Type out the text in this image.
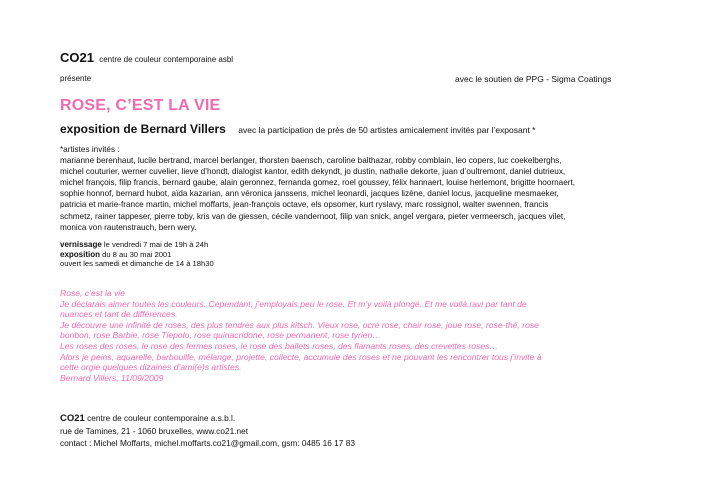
CO21 centre de couleur contemporaine asbl
présente	avec le soutien de PPG - Sigma Coatings
ROSE, C’EST LA VIE
exposition de Bernard Villers avec la participation de près de 50 artistes amicalement invités par l’exposant *
*artistes invités :
marianne berenhaut, lucile bertrand, marcel berlanger, thorsten baensch, caroline balthazar, robby comblain, leo copers, luc coekelberghs,
michel couturier, werner cuvelier, lieve d’hondt, dialogist kantor, edith dekyndt, jo dustin, nathalie dekorte, juan d’oultremont, daniel dutrieux,
michel françois, filip francis, bernard gaube, alain geronnez, fernanda gomez, roel goussey, félix hannaert, louise herlemont, brigitte hoornaert,
sophie honnof, bernard hubot, aïda kazarian, ann véronica janssens, michel leonardi, jacques lizène, daniel locus, jacqueline mesmaeker,
patricia et marie-france martin, michel moffarts, jean-françois octave, els opsomer, kurt ryslavy, marc rossignol, walter swennen, francis
schmetz, rainer tappeser, pierre toby, kris van de giessen, cécile vandernoot, filip van snick, angel vergara, pieter vermeersch, jacques vilet,
monica von rautenstrauch, bern wery.
vernissage le vendredi 7 mai de 19h à 24h
exposition du 8 au 30 mai 2001
ouvert les samedi et dimanche de 14 à 18h30
Rose, c’est la vie
Je déclarais aimer toutes les couleurs. Cependant, j’employais peu le rose. Et m’y voilà plongé. Et me voilà ravi par tant de
nuances et tant de différences.
Je découvre une infinité de roses, des plus tendres aux plus kitsch. Vieux rose, ocre rose, chair rose, joue rose, rose-thé, rose
bonbon, rose Barbie, rose Tiepolo, rose quinacridone, rose permanent, rose tyrien…
Les roses des roses, le rose des fermes roses, le rose des ballets roses, des flamants roses, des crevettes roses…
Alors je peins, aquarelle, barbouille, mélange, projette, collecte, accumule des roses et ne pouvant les rencontrer tous j’invite à
cette orgie quelques dizaines d’ami(e)s artistes.
Bernard Villers, 11/09/2009
CO21 centre de couleur contemporaine a.s.b.l.
rue de Tamines, 21 - 1060 bruxelles, www.co21.net
contact : Michel Moffarts, michel.moffarts.co21@gmail.com, gsm: 0485 16 17 83
